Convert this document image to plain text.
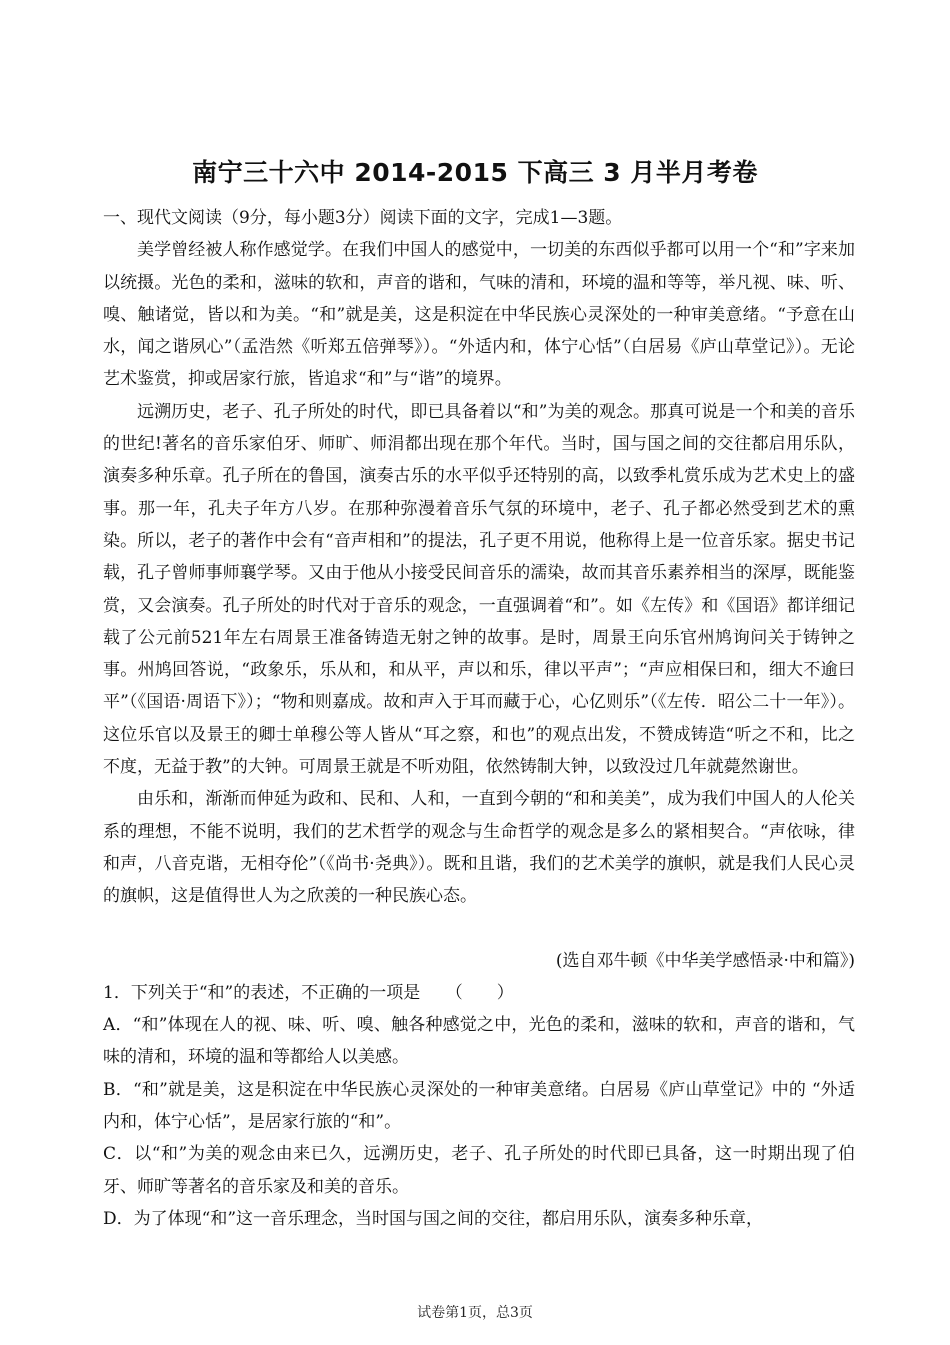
南宁三十六中 2014-2015 下高三 3 月半月考卷

一、现代文阅读（9分，每小题3分）阅读下面的文字，完成1—3题。

美学曾经被人称作感觉学。在我们中国人的感觉中，一切美的东西似乎都可以用一个“和”字来加以统摄。光色的柔和，滋味的软和，声音的谐和，气味的清和，环境的温和等等，举凡视、味、听、嗅、触诸觉，皆以和为美。“和”就是美，这是积淀在中华民族心灵深处的一种审美意绪。“予意在山水，闻之谐夙心”（孟浩然《听郑五倍弹琴》）。“外适内和，体宁心恬”（白居易《庐山草堂记》）。无论艺术鉴赏，抑或居家行旅，皆追求“和”与“谐”的境界。

远溯历史，老子、孔子所处的时代，即已具备着以“和”为美的观念。那真可说是一个和美的音乐的世纪!著名的音乐家伯牙、师旷、师涓都出现在那个年代。当时，国与国之间的交往都启用乐队，演奏多种乐章。孔子所在的鲁国，演奏古乐的水平似乎还特别的高，以致季札赏乐成为艺术史上的盛事。那一年，孔夫子年方八岁。在那种弥漫着音乐气氛的环境中，老子、孔子都必然受到艺术的熏染。所以，老子的著作中会有“音声相和”的提法，孔子更不用说，他称得上是一位音乐家。据史书记载，孔子曾师事师襄学琴。又由于他从小接受民间音乐的濡染，故而其音乐素养相当的深厚，既能鉴赏，又会演奏。孔子所处的时代对于音乐的观念，一直强调着“和”。如《左传》和《国语》都详细记载了公元前521年左右周景王准备铸造无射之钟的故事。是时，周景王向乐官州鸠询问关于铸钟之事。州鸠回答说，“政象乐，乐从和，和从平，声以和乐，律以平声”；“声应相保曰和，细大不逾曰平”（《国语·周语下》）；“物和则嘉成。故和声入于耳而藏于心，心亿则乐”（《左传．昭公二十一年》）。这位乐官以及景王的卿士单穆公等人皆从“耳之察，和也”的观点出发，不赞成铸造“听之不和，比之不度，无益于教”的大钟。可周景王就是不听劝阻，依然铸制大钟，以致没过几年就薨然谢世。

由乐和，渐渐而伸延为政和、民和、人和，一直到今朝的“和和美美”，成为我们中国人的人伦关系的理想，不能不说明，我们的艺术哲学的观念与生命哲学的观念是多么的紧相契合。“声依咏，律和声，八音克谐，无相夺伦”（《尚书·尧典》）。既和且谐，我们的艺术美学的旗帜，就是我们人民心灵的旗帜，这是值得世人为之欣羡的一种民族心态。

(选自邓牛顿《中华美学感悟录·中和篇》)

1．下列关于“和”的表述，不正确的一项是　　（　　）

A．“和”体现在人的视、味、听、嗅、触各种感觉之中，光色的柔和，滋味的软和，声音的谐和，气味的清和，环境的温和等都给人以美感。

B．“和”就是美，这是积淀在中华民族心灵深处的一种审美意绪。白居易《庐山草堂记》中的 “外适内和，体宁心恬”，是居家行旅的“和”。

C．以“和”为美的观念由来已久，远溯历史，老子、孔子所处的时代即已具备，这一时期出现了伯牙、师旷等著名的音乐家及和美的音乐。

D．为了体现“和”这一音乐理念，当时国与国之间的交往，都启用乐队，演奏多种乐章，

试卷第1页，总3页
